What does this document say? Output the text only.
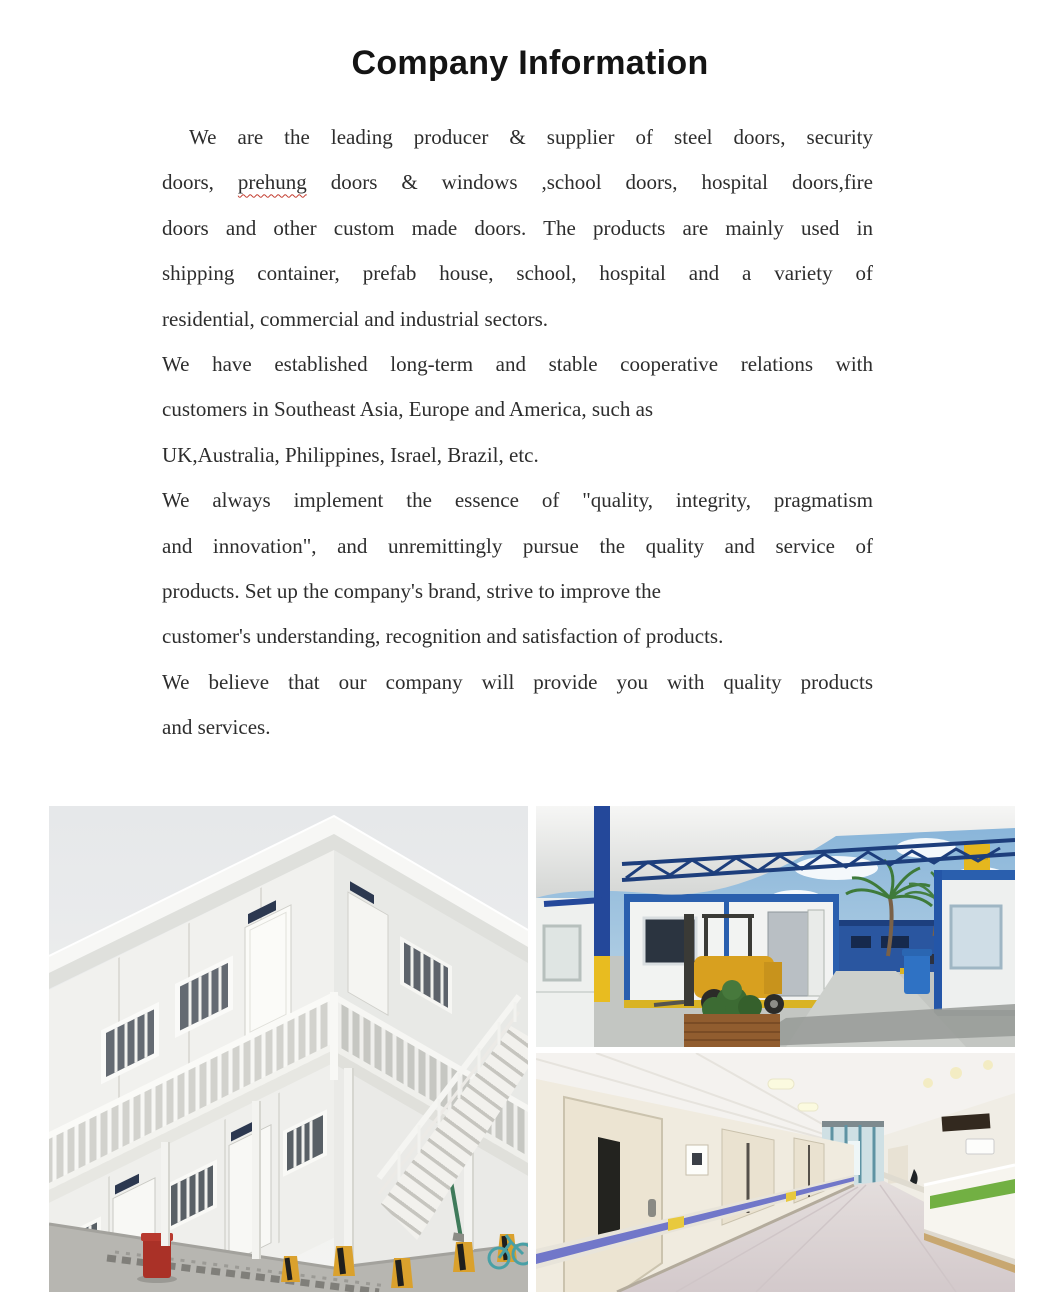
Company Information
We are the leading producer & supplier of steel doors, security
doors, prehung doors & windows ,school doors, hospital doors,fire
doors and other custom made doors. The products are mainly used in
shipping container, prefab house, school, hospital and a variety of
residential, commercial and industrial sectors.
We have established long-term and stable cooperative relations with
customers in Southeast Asia, Europe and America, such as
UK,Australia, Philippines, Israel, Brazil, etc.
We always implement the essence of "quality, integrity, pragmatism
and innovation", and unremittingly pursue the quality and service of
products. Set up the company's brand, strive to improve the
customer's understanding, recognition and satisfaction of products.
We believe that our company will provide you with quality products
and services.
